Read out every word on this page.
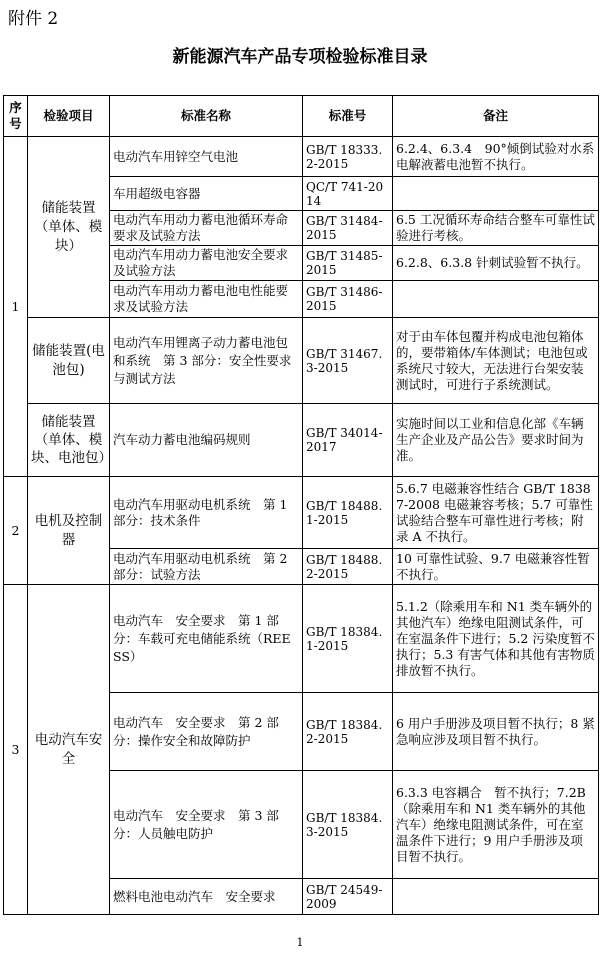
附件 2
新能源汽车产品专项检验标准目录
序号	检验项目	标准名称	标准号	备注
1	储能装置（单体、模块）	电动汽车用锌空气电池	GB/T 18333.2-2015	6.2.4、6.3.4　90°倾倒试验对水系电解液蓄电池暂不执行。
		车用超级电容器	QC/T 741-2014	
		电动汽车用动力蓄电池循环寿命要求及试验方法	GB/T 31484-2015	6.5 工况循环寿命结合整车可靠性试验进行考核。
		电动汽车用动力蓄电池安全要求及试验方法	GB/T 31485-2015	6.2.8、6.3.8 针刺试验暂不执行。
		电动汽车用动力蓄电池电性能要求及试验方法	GB/T 31486-2015	
	储能装置(电池包)	电动汽车用锂离子动力蓄电池包和系统　第 3 部分：安全性要求与测试方法	GB/T 31467.3-2015	对于由车体包覆并构成电池包箱体的，要带箱体/车体测试；电池包或系统尺寸较大，无法进行台架安装测试时，可进行子系统测试。
	储能装置（单体、模块、电池包）	汽车动力蓄电池编码规则	GB/T 34014-2017	实施时间以工业和信息化部《车辆生产企业及产品公告》要求时间为准。
2	电机及控制器	电动汽车用驱动电机系统　第 1 部分：技术条件	GB/T 18488.1-2015	5.6.7 电磁兼容性结合 GB/T 18387-2008 电磁兼容考核；5.7 可靠性试验结合整车可靠性进行考核；附录 A 不执行。
		电动汽车用驱动电机系统　第 2 部分：试验方法	GB/T 18488.2-2015	10 可靠性试验、9.7 电磁兼容性暂不执行。
3	电动汽车安全	电动汽车　安全要求　第 1 部分：车载可充电储能系统（REESS）	GB/T 18384.1-2015	5.1.2（除乘用车和 N1 类车辆外的其他汽车）绝缘电阻测试条件，可在室温条件下进行；5.2 污染度暂不执行；5.3 有害气体和其他有害物质排放暂不执行。
		电动汽车　安全要求　第 2 部分：操作安全和故障防护	GB/T 18384.2-2015	6 用户手册涉及项目暂不执行；8 紧急响应涉及项目暂不执行。
		电动汽车　安全要求　第 3 部分：人员触电防护	GB/T 18384.3-2015	6.3.3 电容耦合　暂不执行；7.2B（除乘用车和 N1 类车辆外的其他汽车）绝缘电阻测试条件，可在室温条件下进行；9 用户手册涉及项目暂不执行。
		燃料电池电动汽车　安全要求	GB/T 24549-2009	
1
